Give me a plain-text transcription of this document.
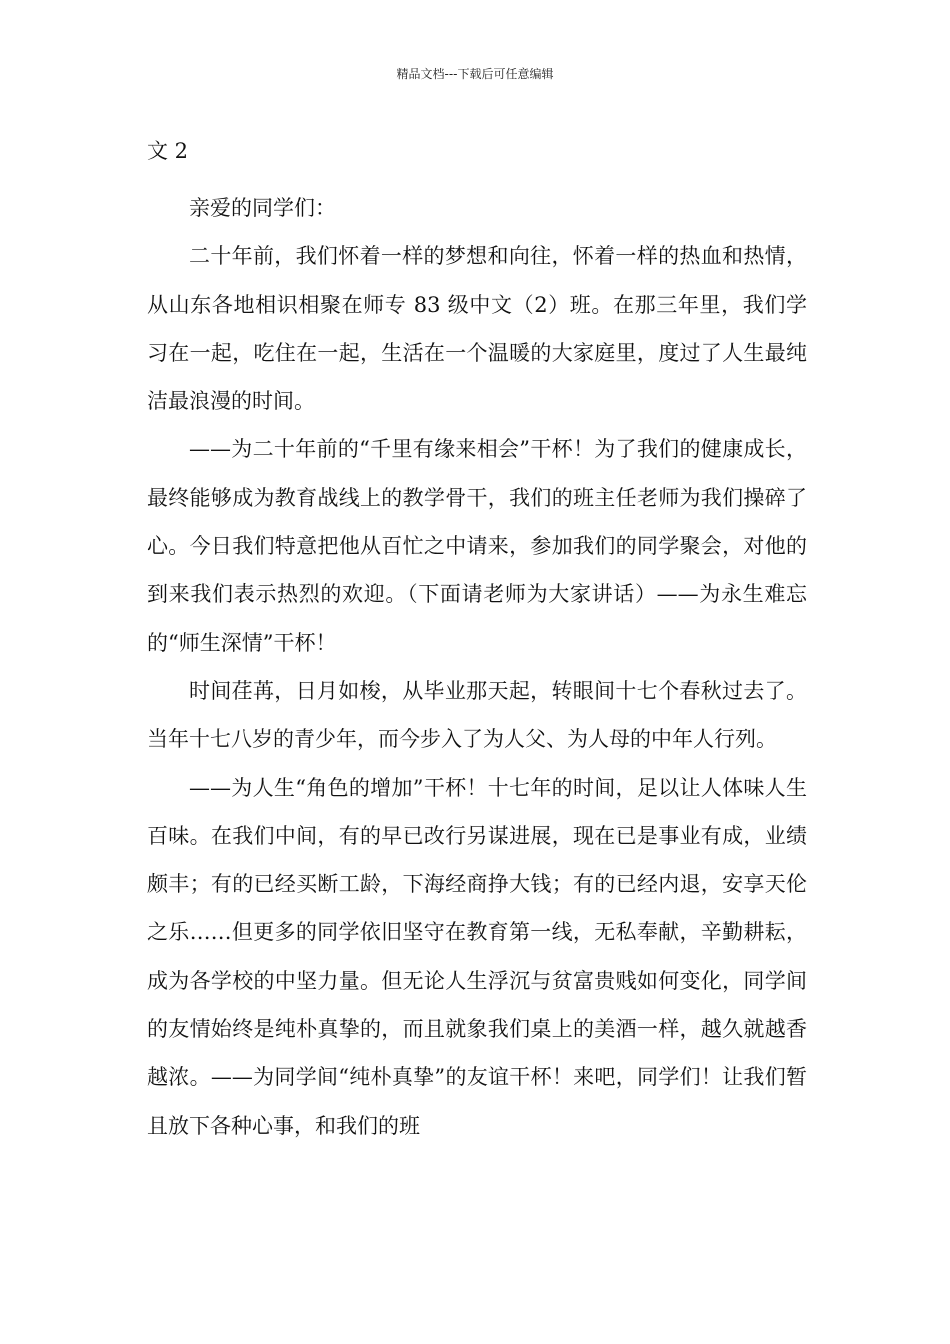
精品文档---下载后可任意编辑
文 2

亲爱的同学们：

二十年前，我们怀着一样的梦想和向往，怀着一样的热血和热情，从山东各地相识相聚在师专 83 级中文（2）班。在那三年里，我们学习在一起，吃住在一起，生活在一个温暖的大家庭里，度过了人生最纯洁最浪漫的时间。

——为二十年前的“千里有缘来相会”干杯！为了我们的健康成长，最终能够成为教育战线上的教学骨干，我们的班主任老师为我们操碎了心。今日我们特意把他从百忙之中请来，参加我们的同学聚会，对他的到来我们表示热烈的欢迎。（下面请老师为大家讲话）——为永生难忘的“师生深情”干杯！

时间荏苒，日月如梭，从毕业那天起，转眼间十七个春秋过去了。当年十七八岁的青少年，而今步入了为人父、为人母的中年人行列。

——为人生“角色的增加”干杯！十七年的时间，足以让人体味人生百味。在我们中间，有的早已改行另谋进展，现在已是事业有成，业绩颇丰；有的已经买断工龄，下海经商挣大钱；有的已经内退，安享天伦之乐……但更多的同学依旧坚守在教育第一线，无私奉献，辛勤耕耘，成为各学校的中坚力量。但无论人生浮沉与贫富贵贱如何变化，同学间的友情始终是纯朴真挚的，而且就象我们桌上的美酒一样，越久就越香越浓。——为同学间“纯朴真挚”的友谊干杯！来吧，同学们！让我们暂且放下各种心事，和我们的班
